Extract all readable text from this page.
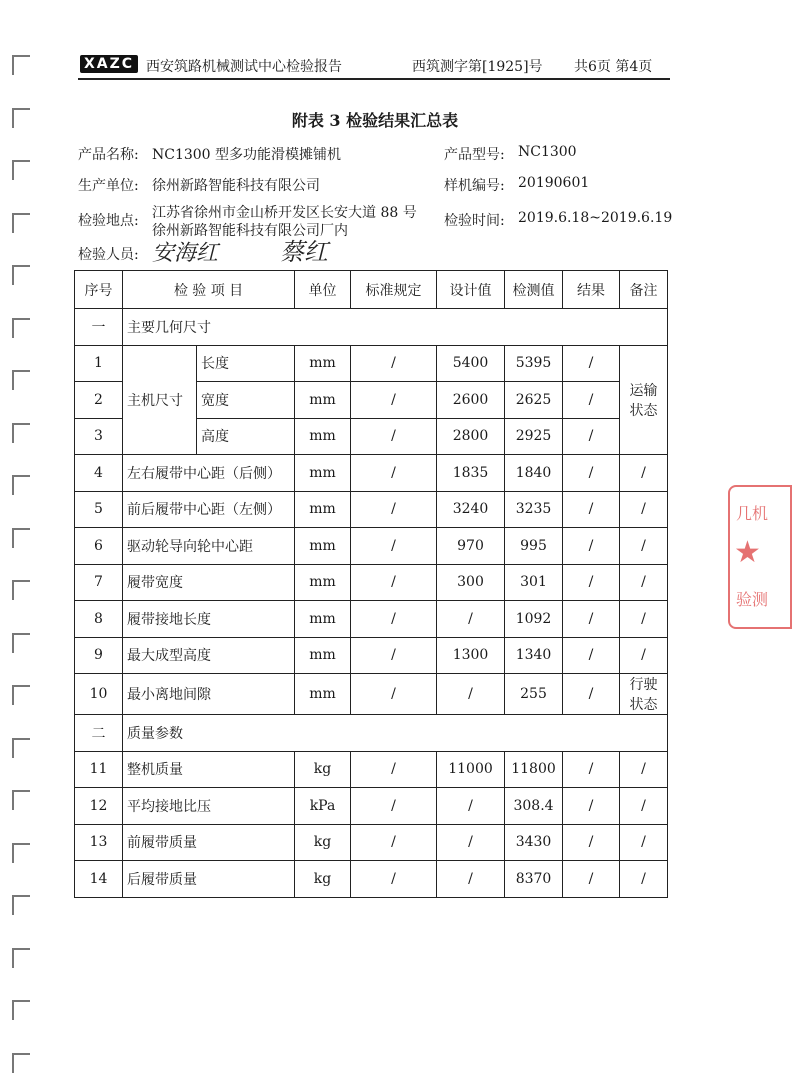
XAZC 西安筑路机械测试中心检验报告	西筑测字第[1925]号 共6页 第4页
附表 3 检验结果汇总表
产品名称: NC1300 型多功能滑模摊铺机	产品型号: NC1300
生产单位: 徐州新路智能科技有限公司	样机编号: 20190601
检验地点: 江苏省徐州市金山桥开发区长安大道 88 号
徐州新路智能科技有限公司厂内
检验时间: 2019.6.18~2019.6.19
检验人员: 安海红	蔡红
序号	检 验 项 目		单位	标准规定	设计值	检测值	结果	备注
一	主要几何尺寸							
1	主机尺寸	长度	mm	/	5400	5395	/	运输状态
2		宽度	mm	/	2600	2625	/	
3		高度	mm	/	2800	2925	/	
4	左右履带中心距（后侧）		mm	/	1835	1840	/	/
5	前后履带中心距（左侧）		mm	/	3240	3235	/	/
6	驱动轮导向轮中心距		mm	/	970	995	/	/
7	履带宽度		mm	/	300	301	/	/
8	履带接地长度		mm	/	/	1092	/	/
9	最大成型高度		mm	/	1300	1340	/	/
10	最小离地间隙		mm	/	/	255	/	行驶状态
二	质量参数							
11	整机质量		kg	/	11000	11800	/	/
12	平均接地比压		kPa	/	/	308.4	/	/
13	前履带质量		kg	/	/	3430	/	/
14	后履带质量		kg	/	/	8370	/	/
几机
★
验测
